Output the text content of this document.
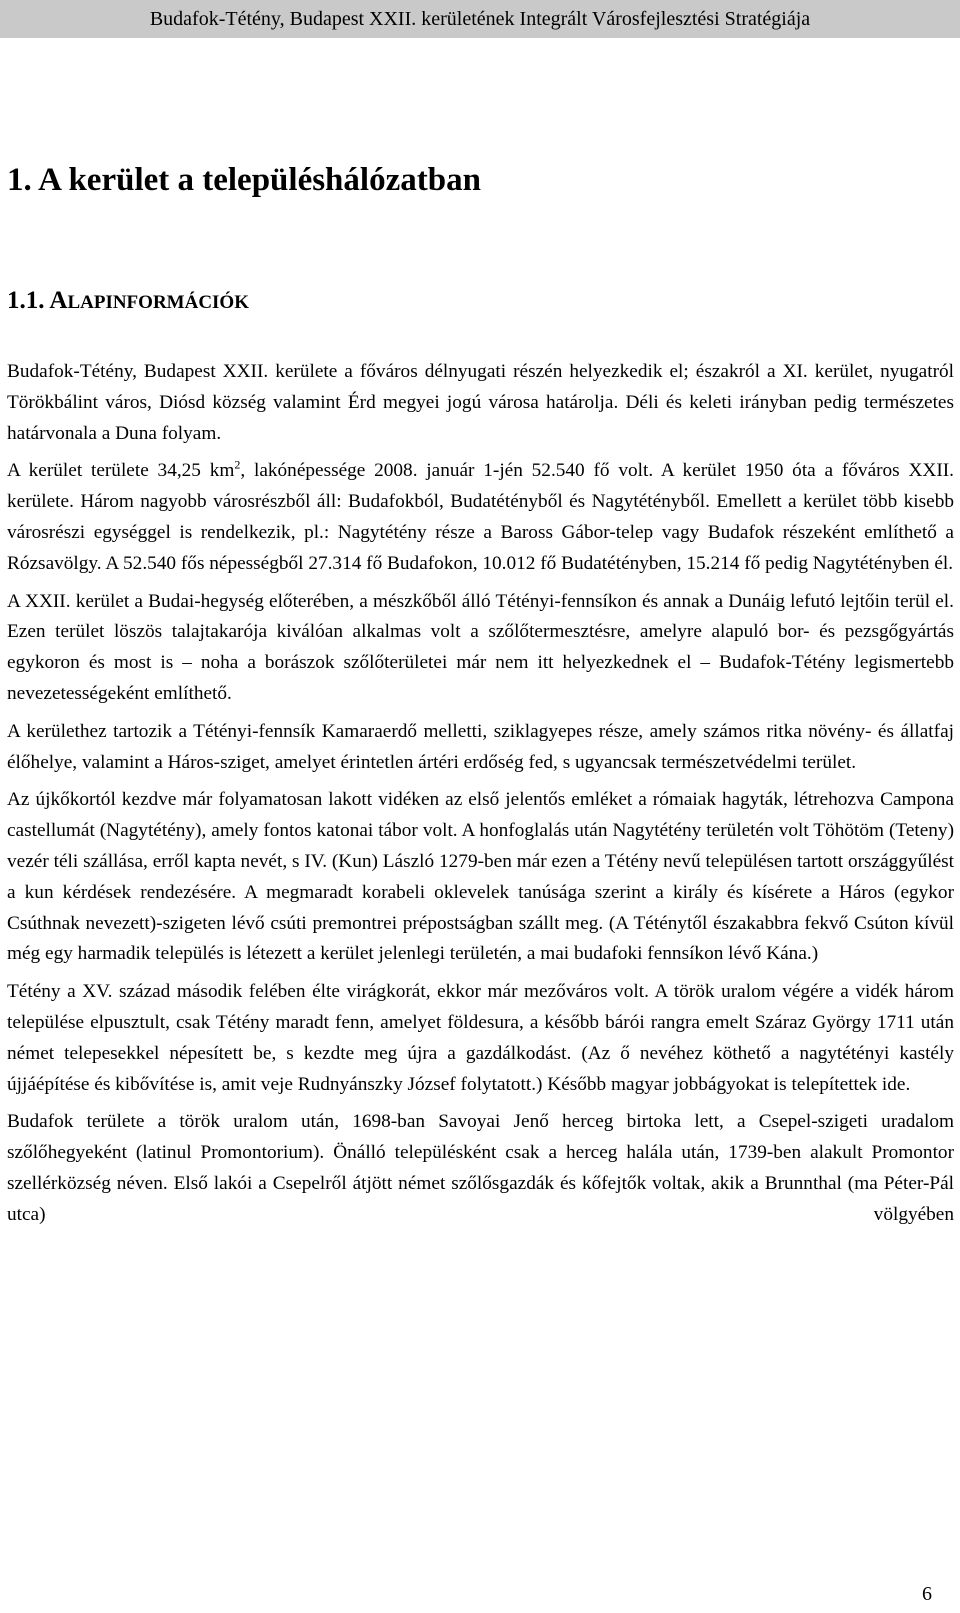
Budafok-Tétény, Budapest XXII. kerületének Integrált Városfejlesztési Stratégiája
1. A kerület a településhálózatban
1.1. ALAPINFORMÁCIÓK

Budafok-Tétény, Budapest XXII. kerülete a főváros délnyugati részén helyezkedik el; északról a XI. kerület, nyugatról Törökbálint város, Diósd község valamint Érd megyei jogú városa határolja. Déli és keleti irányban pedig természetes határvonala a Duna folyam.

A kerület területe 34,25 $km^2$, lakónépessége 2008. január 1-jén 52.540 fő volt. A kerület 1950 óta a főváros XXII. kerülete. Három nagyobb városrészből áll: Budafokból, Budatétényből és Nagytétényből. Emellett a kerület több kisebb városrészi egységgel is rendelkezik, pl.: Nagytétény része a Baross Gábor-telep vagy Budafok részeként említhető a Rózsavölgy. A 52.540 fős népességből 27.314 fő Budafokon, 10.012 fő Budatétényben, 15.214 fő pedig Nagytétényben él.

A XXII. kerület a Budai-hegység előterében, a mészkőből álló Tétényi-fennsíkon és annak a Dunáig lefutó lejtőin terül el. Ezen terület löszös talajtakarója kiválóan alkalmas volt a szőlőtermesztésre, amelyre alapuló bor- és pezsgőgyártás egykoron és most is – noha a borászok szőlőterületei már nem itt helyezkednek el – Budafok-Tétény legismertebb nevezetességeként említhető.

A kerülethez tartozik a Tétényi-fennsík Kamaraerdő melletti, sziklagyepes része, amely számos ritka növény- és állatfaj élőhelye, valamint a Háros-sziget, amelyet érintetlen ártéri erdőség fed, s ugyancsak természetvédelmi terület.

Az újkőkortól kezdve már folyamatosan lakott vidéken az első jelentős emléket a rómaiak hagyták, létrehozva Campona castellumát (Nagytétény), amely fontos katonai tábor volt. A honfoglalás után Nagytétény területén volt Töhötöm (Teteny) vezér téli szállása, erről kapta nevét, s IV. (Kun) László 1279-ben már ezen a Tétény nevű településen tartott országgyűlést a kun kérdések rendezésére. A megmaradt korabeli oklevelek tanúsága szerint a király és kísérete a Háros (egykor Csúthnak nevezett)-szigeten lévő csúti premontrei prépostságban szállt meg. (A Téténytől északabbra fekvő Csúton kívül még egy harmadik település is létezett a kerület jelenlegi területén, a mai budafoki fennsíkon lévő Kána.)

Tétény a XV. század második felében élte virágkorát, ekkor már mezőváros volt. A török uralom végére a vidék három települése elpusztult, csak Tétény maradt fenn, amelyet földesura, a később bárói rangra emelt Száraz György 1711 után német telepesekkel népesített be, s kezdte meg újra a gazdálkodást. (Az ő nevéhez köthető a nagytétényi kastély újjáépítése és kibővítése is, amit veje Rudnyánszky József folytatott.) Később magyar jobbágyokat is telepítettek ide.

Budafok területe a török uralom után, 1698-ban Savoyai Jenő herceg birtoka lett, a Csepel-szigeti uradalom szőlőhegyeként (latinul Promontorium). Önálló településként csak a herceg halála után, 1739-ben alakult Promontor szellérközség néven. Első lakói a Csepelről átjött német szőlősgazdák és kőfejtők voltak, akik a Brunnthal (ma Péter-Pál utca) völgyében

6
